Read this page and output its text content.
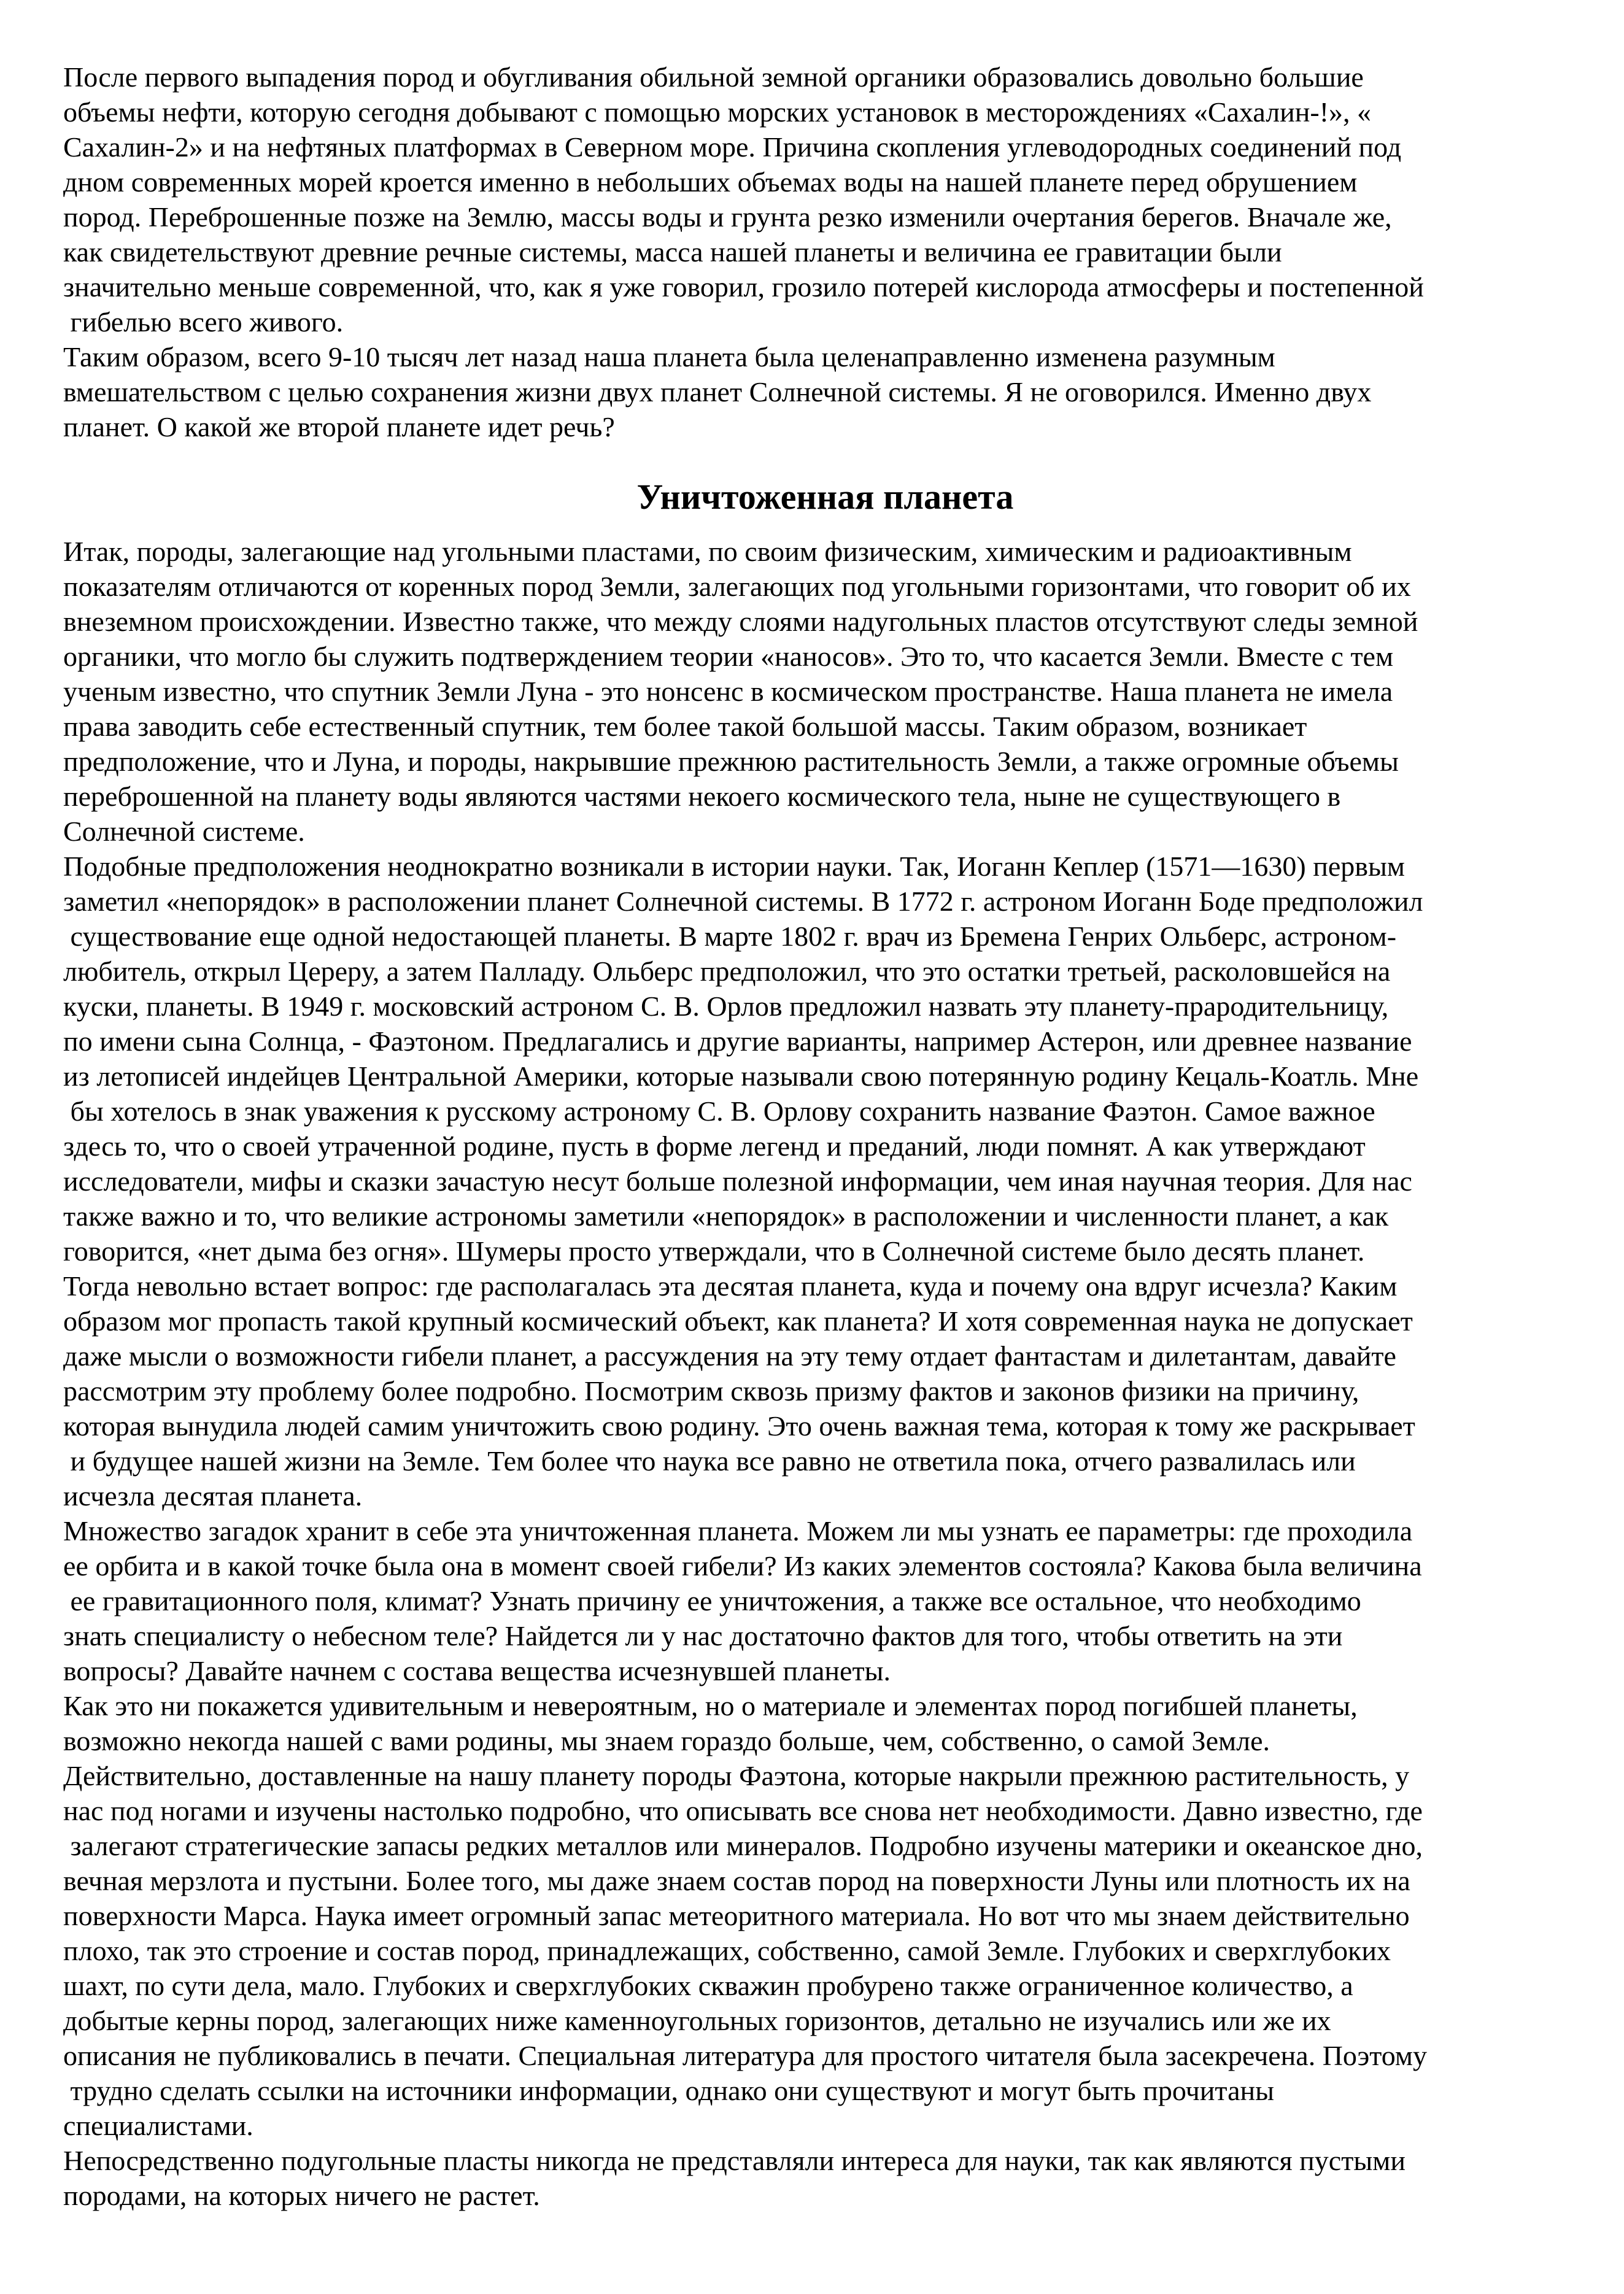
После первого выпадения пород и обугливания обильной земной органики образовались довольно большие
объемы нефти, которую сегодня добывают с помощью морских установок в месторождениях «Сахалин-!», «
Сахалин-2» и на нефтяных платформах в Северном море. Причина скопления углеводородных соединений под
дном современных морей кроется именно в небольших объемах воды на нашей планете перед обрушением
пород. Переброшенные позже на Землю, массы воды и грунта резко изменили очертания берегов. Вначале же,
как свидетельствуют древние речные системы, масса нашей планеты и величина ее гравитации были
значительно меньше современной, что, как я уже говорил, грозило потерей кислорода атмосферы и постепенной
гибелью всего живого.
Таким образом, всего 9-10 тысяч лет назад наша планета была целенаправленно изменена разумным
вмешательством с целью сохранения жизни двух планет Солнечной системы. Я не оговорился. Именно двух
планет. О какой же второй планете идет речь?
Уничтоженная планета
Итак, породы, залегающие над угольными пластами, по своим физическим, химическим и радиоактивным
показателям отличаются от коренных пород Земли, залегающих под угольными горизонтами, что говорит об их
внеземном происхождении. Известно также, что между слоями надугольных пластов отсутствуют следы земной
органики, что могло бы служить подтверждением теории «наносов». Это то, что касается Земли. Вместе с тем
ученым известно, что спутник Земли Луна - это нонсенс в космическом пространстве. Наша планета не имела
права заводить себе естественный спутник, тем более такой большой массы. Таким образом, возникает
предположение, что и Луна, и породы, накрывшие прежнюю растительность Земли, а также огромные объемы
переброшенной на планету воды являются частями некоего космического тела, ныне не существующего в
Солнечной системе.
Подобные предположения неоднократно возникали в истории науки. Так, Иоганн Кеплер (1571—1630) первым
заметил «непорядок» в расположении планет Солнечной системы. В 1772 г. астроном Иоганн Боде предположил
существование еще одной недостающей планеты. В марте 1802 г. врач из Бремена Генрих Ольберс, астроном-
любитель, открыл Цереру, а затем Палладу. Ольберс предположил, что это остатки третьей, расколовшейся на
куски, планеты. В 1949 г. московский астроном С. В. Орлов предложил назвать эту планету-прародительницу,
по имени сына Солнца, - Фаэтоном. Предлагались и другие варианты, например Астерон, или древнее название
из летописей индейцев Центральной Америки, которые называли свою потерянную родину Кецаль-Коатль. Мне
бы хотелось в знак уважения к русскому астроному С. В. Орлову сохранить название Фаэтон. Самое важное
здесь то, что о своей утраченной родине, пусть в форме легенд и преданий, люди помнят. А как утверждают
исследователи, мифы и сказки зачастую несут больше полезной информации, чем иная научная теория. Для нас
также важно и то, что великие астрономы заметили «непорядок» в расположении и численности планет, а как
говорится, «нет дыма без огня». Шумеры просто утверждали, что в Солнечной системе было десять планет.
Тогда невольно встает вопрос: где располагалась эта десятая планета, куда и почему она вдруг исчезла? Каким
образом мог пропасть такой крупный космический объект, как планета? И хотя современная наука не допускает
даже мысли о возможности гибели планет, а рассуждения на эту тему отдает фантастам и дилетантам, давайте
рассмотрим эту проблему более подробно. Посмотрим сквозь призму фактов и законов физики на причину,
которая вынудила людей самим уничтожить свою родину. Это очень важная тема, которая к тому же раскрывает
и будущее нашей жизни на Земле. Тем более что наука все равно не ответила пока, отчего развалилась или
исчезла десятая планета.
Множество загадок хранит в себе эта уничтоженная планета. Можем ли мы узнать ее параметры: где проходила
ее орбита и в какой точке была она в момент своей гибели? Из каких элементов состояла? Какова была величина
ее гравитационного поля, климат? Узнать причину ее уничтожения, а также все остальное, что необходимо
знать специалисту о небесном теле? Найдется ли у нас достаточно фактов для того, чтобы ответить на эти
вопросы? Давайте начнем с состава вещества исчезнувшей планеты.
Как это ни покажется удивительным и невероятным, но о материале и элементах пород погибшей планеты,
возможно некогда нашей с вами родины, мы знаем гораздо больше, чем, собственно, о самой Земле.
Действительно, доставленные на нашу планету породы Фаэтона, которые накрыли прежнюю растительность, у
нас под ногами и изучены настолько подробно, что описывать все снова нет необходимости. Давно известно, где
залегают стратегические запасы редких металлов или минералов. Подробно изучены материки и океанское дно,
вечная мерзлота и пустыни. Более того, мы даже знаем состав пород на поверхности Луны или плотность их на
поверхности Марса. Наука имеет огромный запас метеоритного материала. Но вот что мы знаем действительно
плохо, так это строение и состав пород, принадлежащих, собственно, самой Земле. Глубоких и сверхглубоких
шахт, по сути дела, мало. Глубоких и сверхглубоких скважин пробурено также ограниченное количество, а
добытые керны пород, залегающих ниже каменноугольных горизонтов, детально не изучались или же их
описания не публиковались в печати. Специальная литература для простого читателя была засекречена. Поэтому
трудно сделать ссылки на источники информации, однако они существуют и могут быть прочитаны
специалистами.
Непосредственно подугольные пласты никогда не представляли интереса для науки, так как являются пустыми
породами, на которых ничего не растет.
